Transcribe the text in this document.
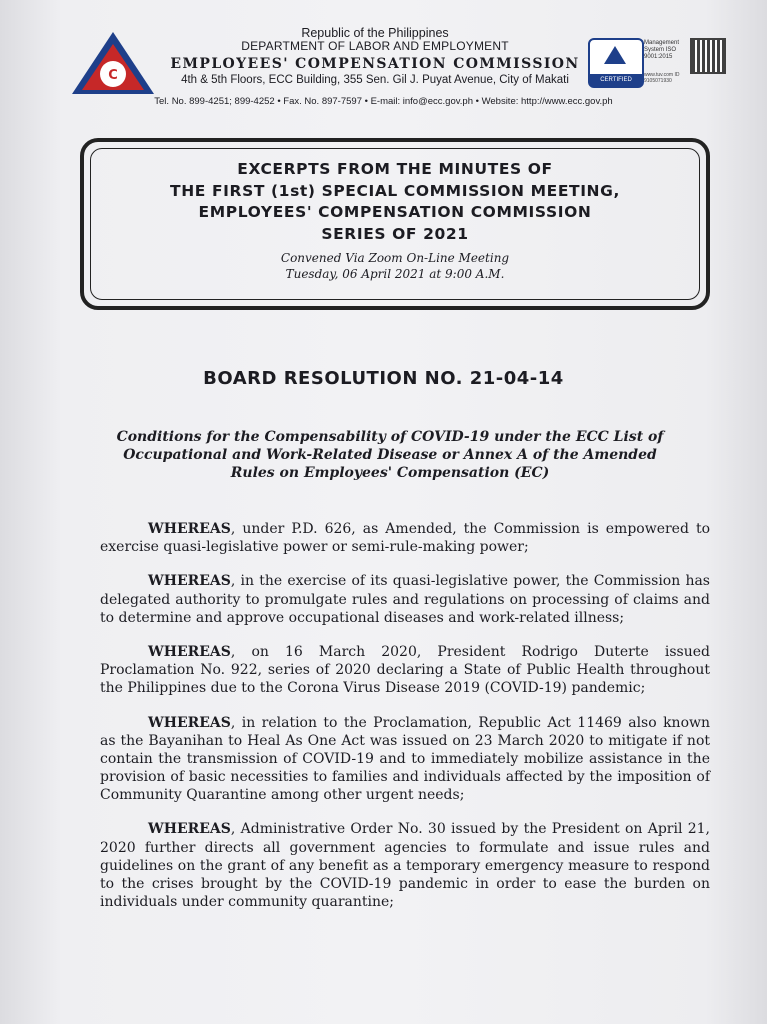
C
Republic of the Philippines
DEPARTMENT OF LABOR AND EMPLOYMENT
EMPLOYEES' COMPENSATION COMMISSION
4th & 5th Floors, ECC Building, 355 Sen. Gil J. Puyat Avenue, City of Makati	CERTIFIED
Management System ISO 9001:2015
www.tuv.com ID 9105071930
Tel. No. 899-4251; 899-4252 • Fax. No. 897-7597 • E-mail: info@ecc.gov.ph • Website: http://www.ecc.gov.ph
EXCERPTS FROM THE MINUTES OF
THE FIRST (1st) SPECIAL COMMISSION MEETING,
EMPLOYEES' COMPENSATION COMMISSION
SERIES OF 2021
Convened Via Zoom On-Line Meeting
Tuesday, 06 April 2021 at 9:00 A.M.
BOARD RESOLUTION NO. 21-04-14
Conditions for the Compensability of COVID-19 under the ECC List of Occupational and Work-Related Disease or Annex A of the Amended Rules on Employees' Compensation (EC)

WHEREAS, under P.D. 626, as Amended, the Commission is empowered to exercise quasi-legislative power or semi-rule-making power;

WHEREAS, in the exercise of its quasi-legislative power, the Commission has delegated authority to promulgate rules and regulations on processing of claims and to determine and approve occupational diseases and work-related illness;

WHEREAS, on 16 March 2020, President Rodrigo Duterte issued Proclamation No. 922, series of 2020 declaring a State of Public Health throughout the Philippines due to the Corona Virus Disease 2019 (COVID-19) pandemic;

WHEREAS, in relation to the Proclamation, Republic Act 11469 also known as the Bayanihan to Heal As One Act was issued on 23 March 2020 to mitigate if not contain the transmission of COVID-19 and to immediately mobilize assistance in the provision of basic necessities to families and individuals affected by the imposition of Community Quarantine among other urgent needs;

WHEREAS, Administrative Order No. 30 issued by the President on April 21, 2020 further directs all government agencies to formulate and issue rules and guidelines on the grant of any benefit as a temporary emergency measure to respond to the crises brought by the COVID-19 pandemic in order to ease the burden on individuals under community quarantine;
